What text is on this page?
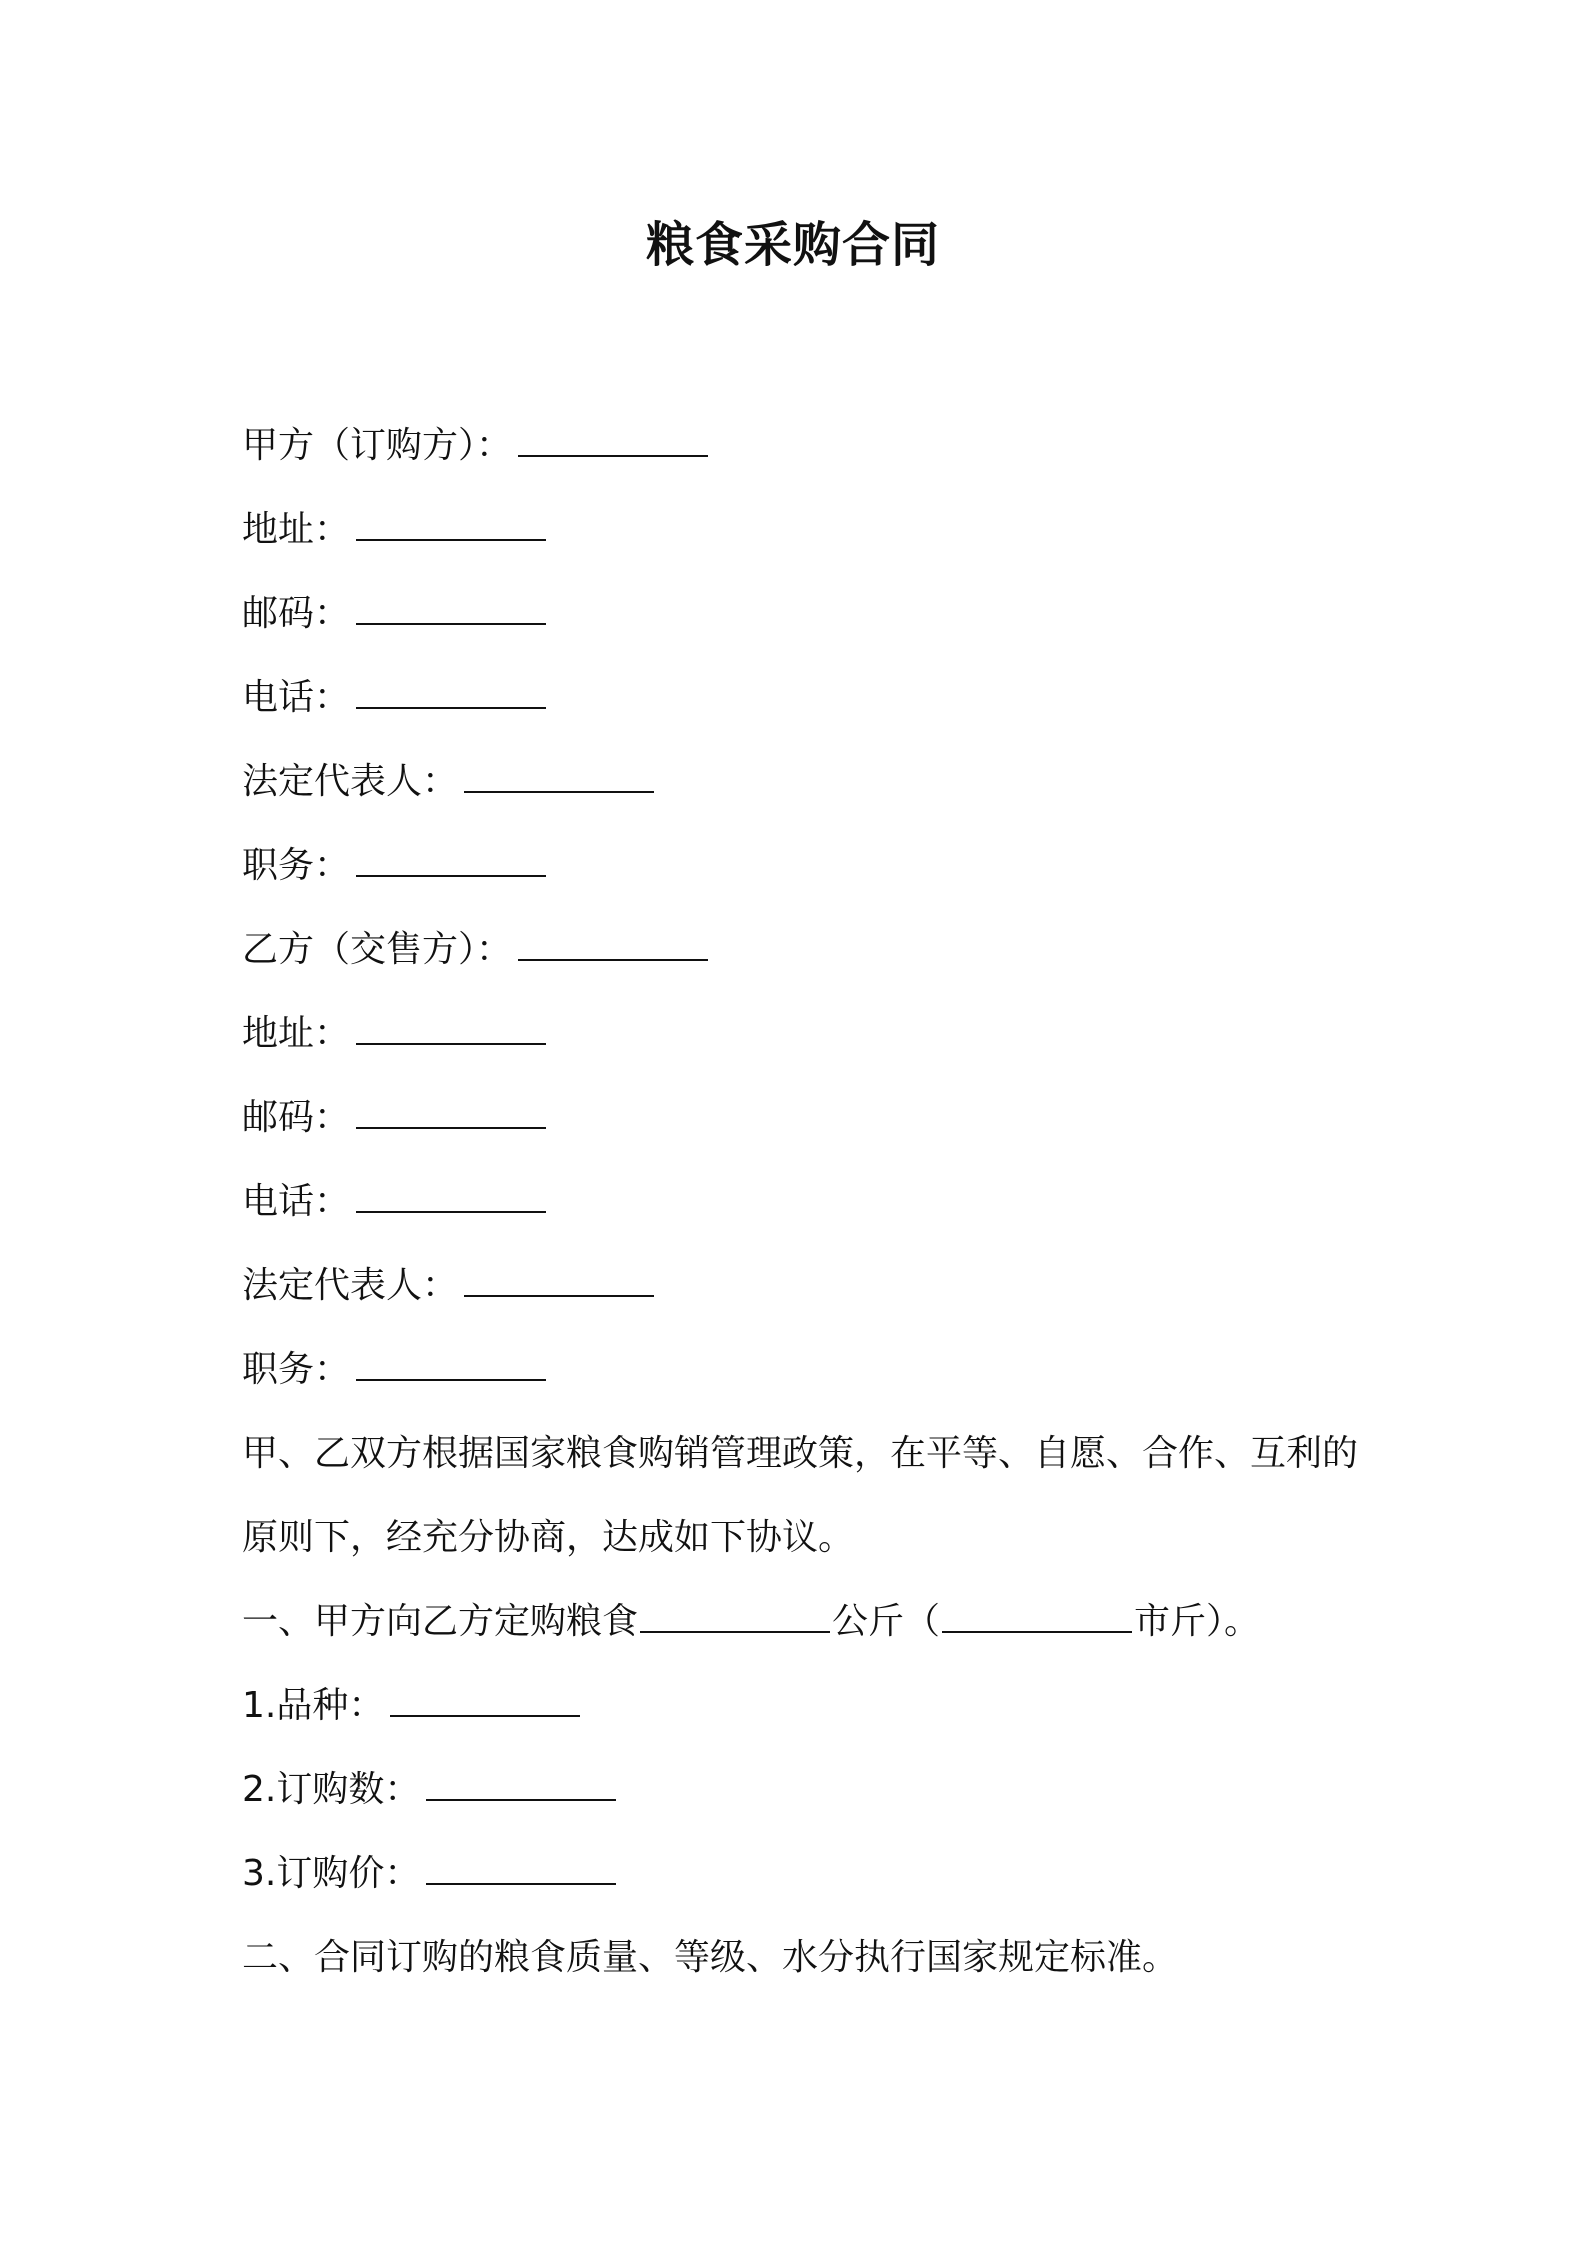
粮食采购合同
甲方（订购方）：
地址：
邮码：
电话：
法定代表人：
职务：
乙方（交售方）：
地址：
邮码：
电话：
法定代表人：
职务：
甲、乙双方根据国家粮食购销管理政策，在平等、自愿、合作、互利的原则下，经充分协商，达成如下协议。
一、甲方向乙方定购粮食	公斤（	市斤）。
1.品种：
2.订购数：
3.订购价：
二、合同订购的粮食质量、等级、水分执行国家规定标准。
